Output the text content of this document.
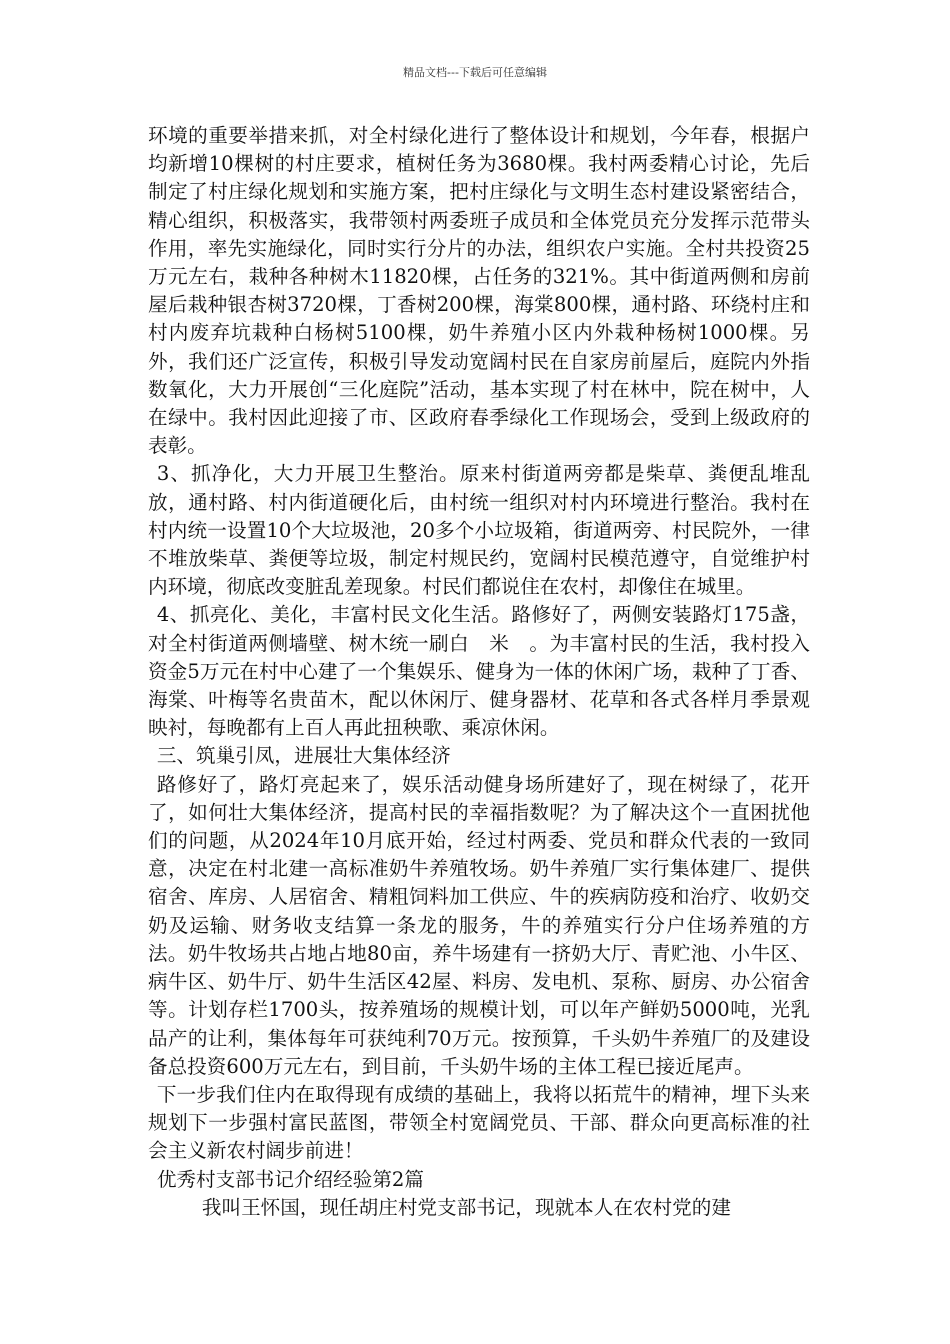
精品文档---下载后可任意编辑

环境的重要举措来抓，对全村绿化进行了整体设计和规划，今年春，根据户均新增10棵树的村庄要求，植树任务为3680棵。我村两委精心讨论，先后制定了村庄绿化规划和实施方案，把村庄绿化与文明生态村建设紧密结合，精心组织，积极落实，我带领村两委班子成员和全体党员充分发挥示范带头作用，率先实施绿化，同时实行分片的办法，组织农户实施。全村共投资25万元左右，栽种各种树木11820棵，占任务的321%。其中街道两侧和房前屋后栽种银杏树3720棵，丁香树200棵，海棠800棵，通村路、环绕村庄和村内废弃坑栽种白杨树5100棵，奶牛养殖小区内外栽种杨树1000棵。另外，我们还广泛宣传，积极引导发动宽阔村民在自家房前屋后，庭院内外指数氧化，大力开展创“三化庭院”活动，基本实现了村在林中，院在树中，人在绿中。我村因此迎接了市、区政府春季绿化工作现场会，受到上级政府的表彰。

3、抓净化，大力开展卫生整治。原来村街道两旁都是柴草、粪便乱堆乱放，通村路、村内街道硬化后，由村统一组织对村内环境进行整治。我村在村内统一设置10个大垃圾池，20多个小垃圾箱，街道两旁、村民院外，一律不堆放柴草、粪便等垃圾，制定村规民约，宽阔村民模范遵守，自觉维护村内环境，彻底改变脏乱差现象。村民们都说住在农村，却像住在城里。

4、抓亮化、美化，丰富村民文化生活。路修好了，两侧安装路灯175盏，对全村街道两侧墙壁、树木统一刷白　米　。为丰富村民的生活，我村投入资金5万元在村中心建了一个集娱乐、健身为一体的休闲广场，栽种了丁香、海棠、叶梅等名贵苗木，配以休闲厅、健身器材、花草和各式各样月季景观映衬，每晚都有上百人再此扭秧歌、乘凉休闲。

三、筑巢引凤，进展壮大集体经济

路修好了，路灯亮起来了，娱乐活动健身场所建好了，现在树绿了，花开了，如何壮大集体经济，提高村民的幸福指数呢？为了解决这个一直困扰他们的问题，从2024年10月底开始，经过村两委、党员和群众代表的一致同意，决定在村北建一高标准奶牛养殖牧场。奶牛养殖厂实行集体建厂、提供宿舍、库房、人居宿舍、精粗饲料加工供应、牛的疾病防疫和治疗、收奶交奶及运输、财务收支结算一条龙的服务，牛的养殖实行分户住场养殖的方法。奶牛牧场共占地占地80亩，养牛场建有一挤奶大厅、青贮池、小牛区、病牛区、奶牛厅、奶牛生活区42屋、料房、发电机、泵称、厨房、办公宿舍等。计划存栏1700头，按养殖场的规模计划，可以年产鲜奶5000吨，光乳品产的让利，集体每年可获纯利70万元。按预算，千头奶牛养殖厂的及建设备总投资600万元左右，到目前，千头奶牛场的主体工程已接近尾声。

下一步我们住内在取得现有成绩的基础上，我将以拓荒牛的精神，埋下头来规划下一步强村富民蓝图，带领全村宽阔党员、干部、群众向更高标准的社会主义新农村阔步前进！

优秀村支部书记介绍经验第2篇

我叫王怀国，现任胡庄村党支部书记，现就本人在农村党的建
